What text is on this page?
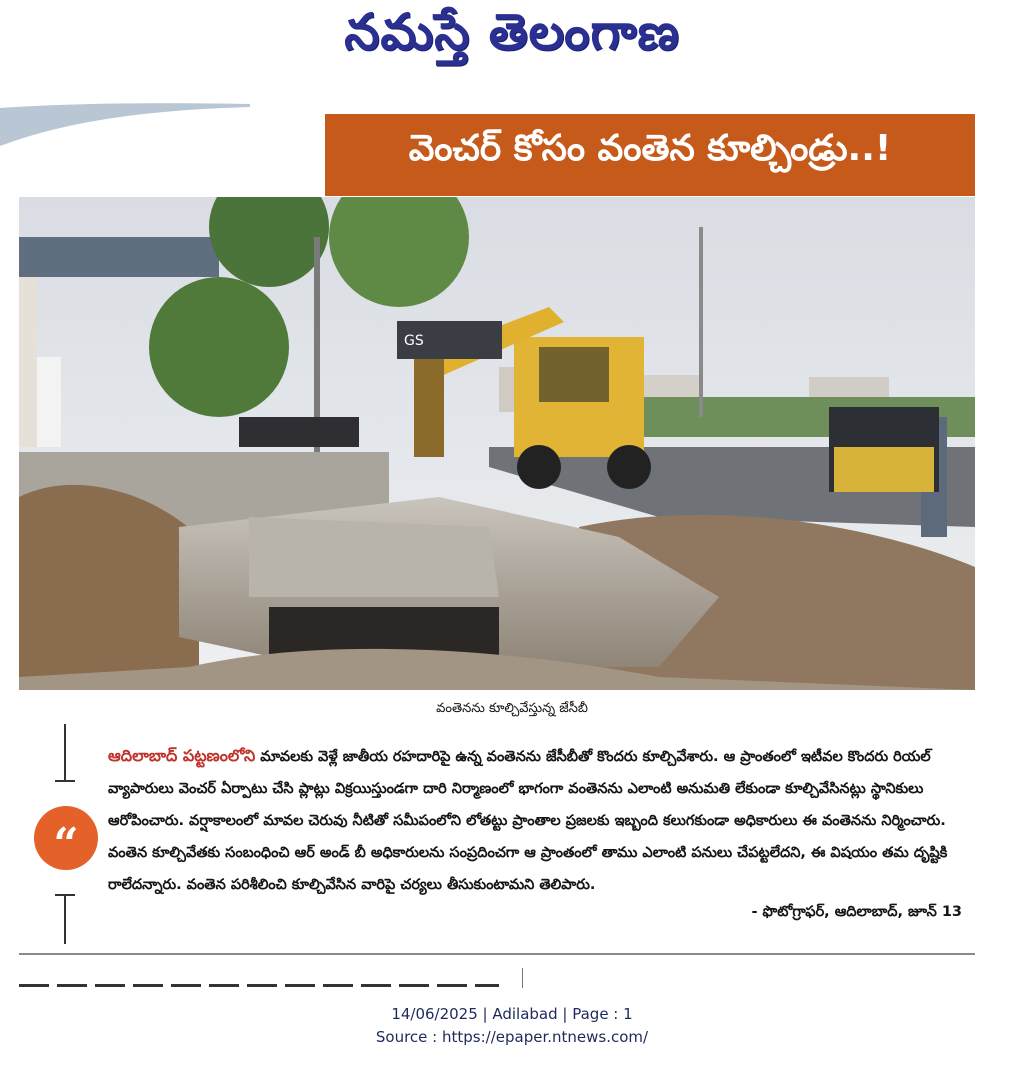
నమస్తే తెలంగాణ
వెంచర్ కోసం వంతెన కూల్చిండ్రు..!
GS
వంతెనను కూల్చివేస్తున్న జేసీబీ
“
ఆదిలాబాద్ పట్టణంలోని మావలకు వెళ్లే జాతీయ రహదారిపై ఉన్న వంతెనను జేసీబీతో కొందరు కూల్చివేశారు. ఆ ప్రాంతంలో ఇటీవల కొందరు రియల్ వ్యాపారులు వెంచర్ ఏర్పాటు చేసి ప్లాట్లు విక్రయిస్తుండగా దారి నిర్మాణంలో భాగంగా వంతెనను ఎలాంటి అనుమతి లేకుండా కూల్చివేసినట్లు స్థానికులు ఆరోపించారు. వర్షాకాలంలో మావల చెరువు నీటితో సమీపంలోని లోతట్టు ప్రాంతాల ప్రజలకు ఇబ్బంది కలుగకుండా అధికారులు ఈ వంతెనను నిర్మించారు. వంతెన కూల్చివేతకు సంబంధించి ఆర్ అండ్ బీ అధికారులను సంప్రదించగా ఆ ప్రాంతంలో తాము ఎలాంటి పనులు చేపట్టలేదని, ఈ విషయం తమ దృష్టికి రాలేదన్నారు. వంతెన పరిశీలించి కూల్చివేసిన వారిపై చర్యలు తీసుకుంటామని తెలిపారు.
- ఫొటోగ్రాఫర్, ఆదిలాబాద్, జూన్ 13
14/06/2025 | Adilabad | Page : 1
Source : https://epaper.ntnews.com/
